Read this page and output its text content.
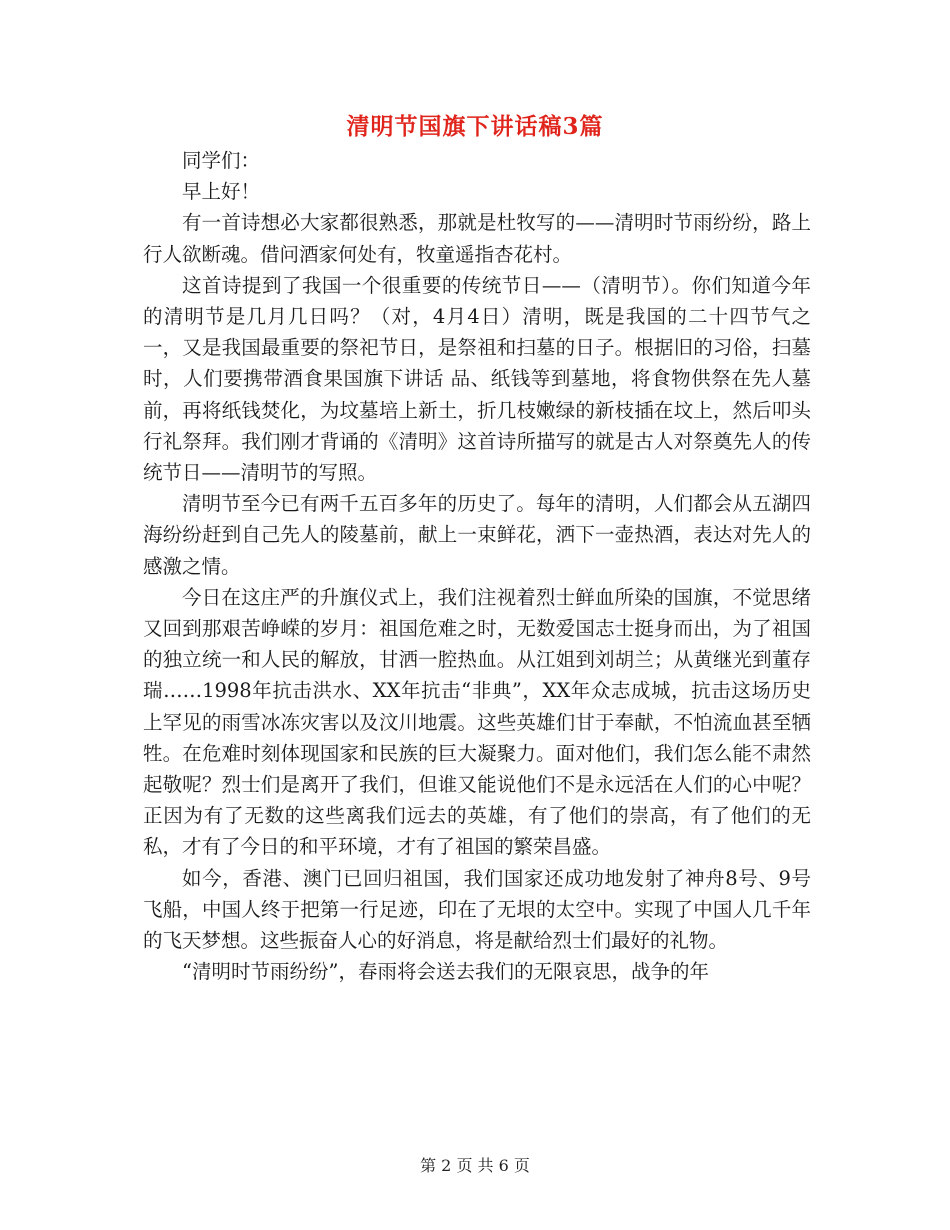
清明节国旗下讲话稿3篇

同学们：

早上好！

有一首诗想必大家都很熟悉，那就是杜牧写的——清明时节雨纷纷，路上行人欲断魂。借问酒家何处有，牧童遥指杏花村。

这首诗提到了我国一个很重要的传统节日——（清明节）。你们知道今年的清明节是几月几日吗？（对，4月4日）清明，既是我国的二十四节气之一，又是我国最重要的祭祀节日，是祭祖和扫墓的日子。根据旧的习俗，扫墓时，人们要携带酒食果国旗下讲话 品、纸钱等到墓地，将食物供祭在先人墓前，再将纸钱焚化，为坟墓培上新土，折几枝嫩绿的新枝插在坟上，然后叩头行礼祭拜。我们刚才背诵的《清明》这首诗所描写的就是古人对祭奠先人的传统节日——清明节的写照。

清明节至今已有两千五百多年的历史了。每年的清明，人们都会从五湖四海纷纷赶到自己先人的陵墓前，献上一束鲜花，洒下一壶热酒，表达对先人的感激之情。

今日在这庄严的升旗仪式上，我们注视着烈士鲜血所染的国旗，不觉思绪又回到那艰苦峥嵘的岁月：祖国危难之时，无数爱国志士挺身而出，为了祖国的独立统一和人民的解放，甘洒一腔热血。从江姐到刘胡兰；从黄继光到董存瑞……1998年抗击洪水、XX年抗击“非典”，XX年众志成城，抗击这场历史上罕见的雨雪冰冻灾害以及汶川地震。这些英雄们甘于奉献，不怕流血甚至牺牲。在危难时刻体现国家和民族的巨大凝聚力。面对他们，我们怎么能不肃然起敬呢？烈士们是离开了我们，但谁又能说他们不是永远活在人们的心中呢？正因为有了无数的这些离我们远去的英雄，有了他们的崇高，有了他们的无私，才有了今日的和平环境，才有了祖国的繁荣昌盛。

如今，香港、澳门已回归祖国，我们国家还成功地发射了神舟8号、9号飞船，中国人终于把第一行足迹，印在了无垠的太空中。实现了中国人几千年的飞天梦想。这些振奋人心的好消息，将是献给烈士们最好的礼物。

“清明时节雨纷纷”，春雨将会送去我们的无限哀思，战争的年

第 2 页 共 6 页
